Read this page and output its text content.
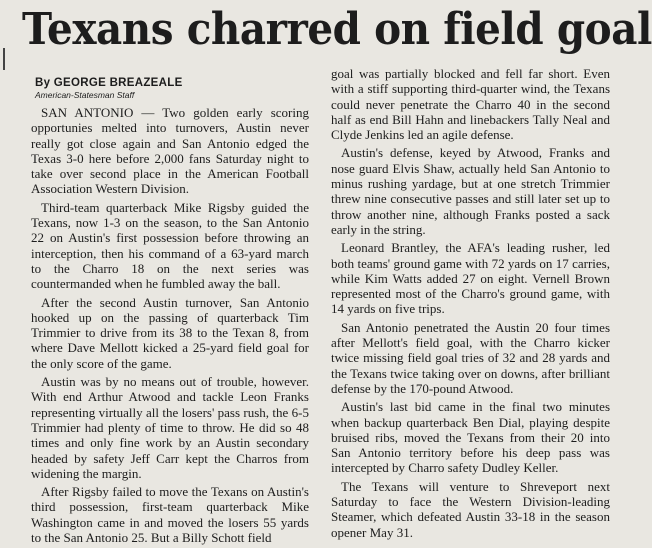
Texans charred on field goal
By GEORGE BREAZEALE
American-Statesman Staff

SAN ANTONIO — Two golden early scoring opportunies melted into turnovers, Austin never really got close again and San Antonio edged the Texas 3-0 here before 2,000 fans Saturday night to take over second place in the American Football Association Western Division.

Third-team quarterback Mike Rigsby guided the Texans, now 1-3 on the season, to the San Antonio 22 on Austin's first possession before throwing an interception, then his command of a 63-yard march to the Charro 18 on the next series was countermanded when he fumbled away the ball.

After the second Austin turnover, San Antonio hooked up on the passing of quarterback Tim Trimmier to drive from its 38 to the Texan 8, from where Dave Mellott kicked a 25-yard field goal for the only score of the game.

Austin was by no means out of trouble, however. With end Arthur Atwood and tackle Leon Franks representing virtually all the losers' pass rush, the 6-5 Trimmier had plenty of time to throw. He did so 48 times and only fine work by an Austin secondary headed by safety Jeff Carr kept the Charros from widening the margin.

After Rigsby failed to move the Texans on Austin's third possession, first-team quarterback Mike Washington came in and moved the losers 55 yards to the San Antonio 25. But a Billy Schott field

goal was partially blocked and fell far short. Even with a stiff supporting third-quarter wind, the Texans could never penetrate the Charro 40 in the second half as end Bill Hahn and linebackers Tally Neal and Clyde Jenkins led an agile defense.

Austin's defense, keyed by Atwood, Franks and nose guard Elvis Shaw, actually held San Antonio to minus rushing yardage, but at one stretch Trimmier threw nine consecutive passes and still later set up to throw another nine, although Franks posted a sack early in the string.

Leonard Brantley, the AFA's leading rusher, led both teams' ground game with 72 yards on 17 carries, while Kim Watts added 27 on eight. Vernell Brown represented most of the Charro's ground game, with 14 yards on five trips.

San Antonio penetrated the Austin 20 four times after Mellott's field goal, with the Charro kicker twice missing field goal tries of 32 and 28 yards and the Texans twice taking over on downs, after brilliant defense by the 170-pound Atwood.

Austin's last bid came in the final two minutes when backup quarterback Ben Dial, playing despite bruised ribs, moved the Texans from their 20 into San Antonio territory before his deep pass was intercepted by Charro safety Dudley Keller.

The Texans will venture to Shreveport next Saturday to face the Western Division-leading Steamer, which defeated Austin 33-18 in the season opener May 31.
